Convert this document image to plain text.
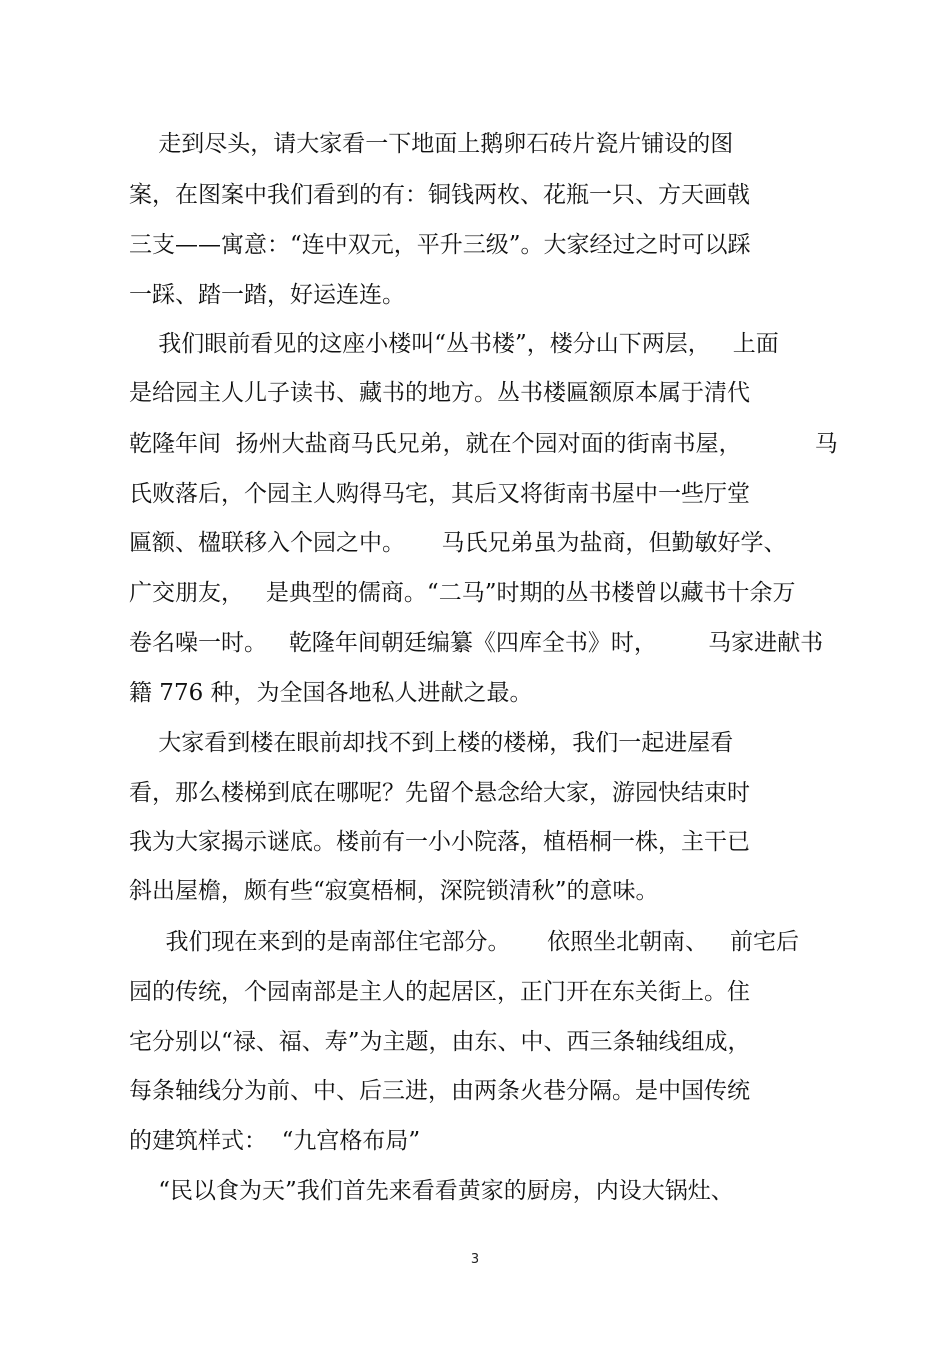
走到尽头，请大家看一下地面上鹅卵石砖片瓷片铺设的图
案，在图案中我们看到的有：铜钱两枚、花瓶一只、方天画戟
三支——寓意：“连中双元，平升三级”。大家经过之时可以踩
一踩、踏一踏，好运连连。
我们眼前看见的这座小楼叫“丛书楼”，楼分山下两层，   上面
是给园主人儿子读书、藏书的地方。丛书楼匾额原本属于清代
乾隆年间  扬州大盐商马氏兄弟，就在个园对面的街南书屋，          马
氏败落后，个园主人购得马宅，其后又将街南书屋中一些厅堂
匾额、楹联移入个园之中。     马氏兄弟虽为盐商，但勤敏好学、
广交朋友，   是典型的儒商。“二马”时期的丛书楼曾以藏书十余万
卷名噪一时。   乾隆年间朝廷编纂《四库全书》时，       马家进献书
籍 776 种，为全国各地私人进献之最。
大家看到楼在眼前却找不到上楼的楼梯，我们一起进屋看
看，那么楼梯到底在哪呢？先留个悬念给大家，游园快结束时
我为大家揭示谜底。楼前有一小小院落，植梧桐一株，主干已
斜出屋檐，颇有些“寂寞梧桐，深院锁清秋”的意味。
我们现在来到的是南部住宅部分。     依照坐北朝南、   前宅后
园的传统，个园南部是主人的起居区，正门开在东关街上。住
宅分别以“禄、福、寿”为主题，由东、中、西三条轴线组成，
每条轴线分为前、中、后三进，由两条火巷分隔。是中国传统
的建筑样式：  “九宫格布局”
“民以食为天”我们首先来看看黄家的厨房，内设大锅灶、
3
